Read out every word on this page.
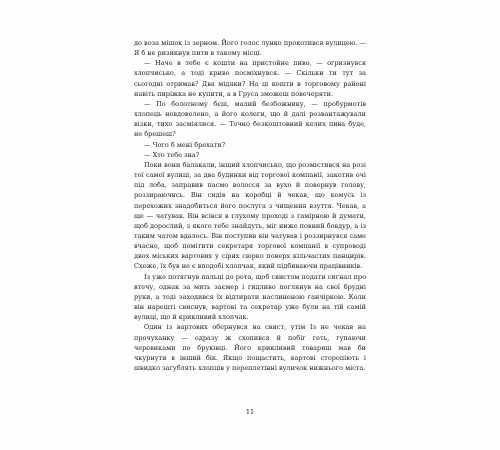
до воза мішок із зерном. Його голос лунко прокотився вулицею. — Я б не ризикнув пити в такому місці.

— Наче в тебе є кошти на пристойне пиво, — огризнувся хлопчисько, а тоді криво посміхнувся. — Скільки ти тут за сьогодні отримав? Два мідяки? На ці кошти в торговому районі навіть пиріжка не купити, а в Груса зможеш повечеряти.

— По болотному бєш, малий безбожнику, — пробурмотів хлопець невдоволено, а його колеги, що й далі розвантажували візки, тихо засміялися. — Точно безкоштовний келих пива буде, не брешеш?

— Чого б мені брехати?

— Хто тебе зна?

Поки вони балакали, інший хлопчисько, що розмістився на розі тої самої вулиці, за два будинки від торгової компанії, закотив очі під лоба, заправив пасмо волосся за вухо й повернув голову, роззираючись. Він сидів на коробці й чекав, що комусь із перехожих знадобиться його послуга з чищення взуття. Чекав, а ще — чатував. Він всівся в глухому проході з гамірною й думати, щоб дорослий, з якого тебе знайдуть, міг ниже повний бовдур, а із таким чатом вдалось. Він поступив він чатував і роззирнувся саме вчасно, щоб помітити секретаря торгової компанії в супроводі двох міських вартових у сірих сюрко поверх кільчастих панцирів. Схоже, їх був не є вподобі хлопчак, який підбиваючи працівників.

Із уже потягнув пальці до рота, щоб свистом подати сигнал про втечу, однак за мить заємер і гидливо поглянув на свої брудні руки, а тоді заходився їх відтирати наслиненою ганчіркою. Коли він нарешті свиснув, вартові та секретар уже були на тій самій вулиці, що й крикливий хлопчак.

Один із вартових обернувся на свист, утім Із не чекав на прочуханку — одразу ж схопився й побіг геть, гупаючи черевиками по бруківці. Його крикливий товариш мав би чкурнути в інший бік. Якщо пощастить, вартові сторопіють і швидко загублять хлопців у переплетінні вуличок нижнього міста.

11
